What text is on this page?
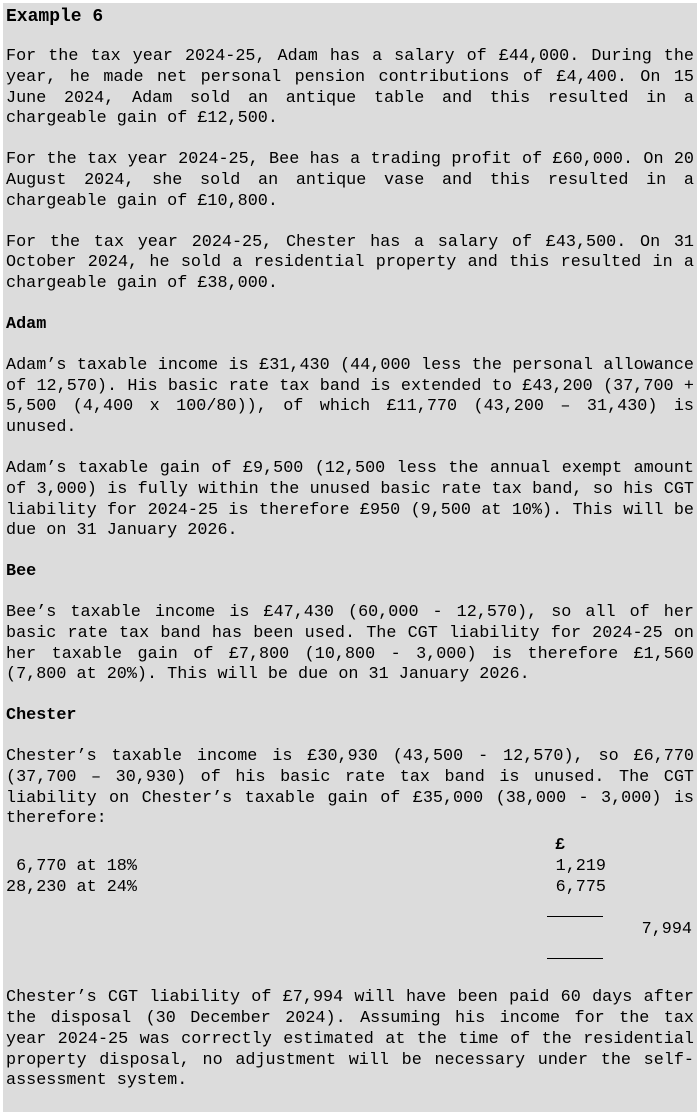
Example 6

For the tax year 2024-25, Adam has a salary of £44,000. During the year, he made net personal pension contributions of £4,400. On 15 June 2024, Adam sold an antique table and this resulted in a chargeable gain of £12,500.

For the tax year 2024-25, Bee has a trading profit of £60,000. On 20 August 2024, she sold an antique vase and this resulted in a chargeable gain of £10,800.

For the tax year 2024-25, Chester has a salary of £43,500. On 31 October 2024, he sold a residential property and this resulted in a chargeable gain of £38,000.

Adam

Adam’s taxable income is £31,430 (44,000 less the personal allowance of 12,570). His basic rate tax band is extended to £43,200 (37,700 + 5,500 (4,400 x 100/80)), of which £11,770 (43,200 – 31,430) is unused.

Adam’s taxable gain of £9,500 (12,500 less the annual exempt amount of 3,000) is fully within the unused basic rate tax band, so his CGT liability for 2024-25 is therefore £950 (9,500 at 10%). This will be due on 31 January 2026.

Bee

Bee’s taxable income is £47,430 (60,000 - 12,570), so all of her basic rate tax band has been used. The CGT liability for 2024-25 on her taxable gain of £7,800 (10,800 - 3,000) is therefore £1,560 (7,800 at 20%). This will be due on 31 January 2026.

Chester

Chester’s taxable income is £30,930 (43,500 - 12,570), so £6,770 (37,700 – 30,930) of his basic rate tax band is unused. The CGT liability on Chester’s taxable gain of £35,000 (38,000 - 3,000) is therefore:

£
6,770 at 18%	1,219
28,230 at 24%	6,775
7,994

Chester’s CGT liability of £7,994 will have been paid 60 days after the disposal (30 December 2024). Assuming his income for the tax year 2024-25 was correctly estimated at the time of the residential property disposal, no adjustment will be necessary under the self-assessment system.
